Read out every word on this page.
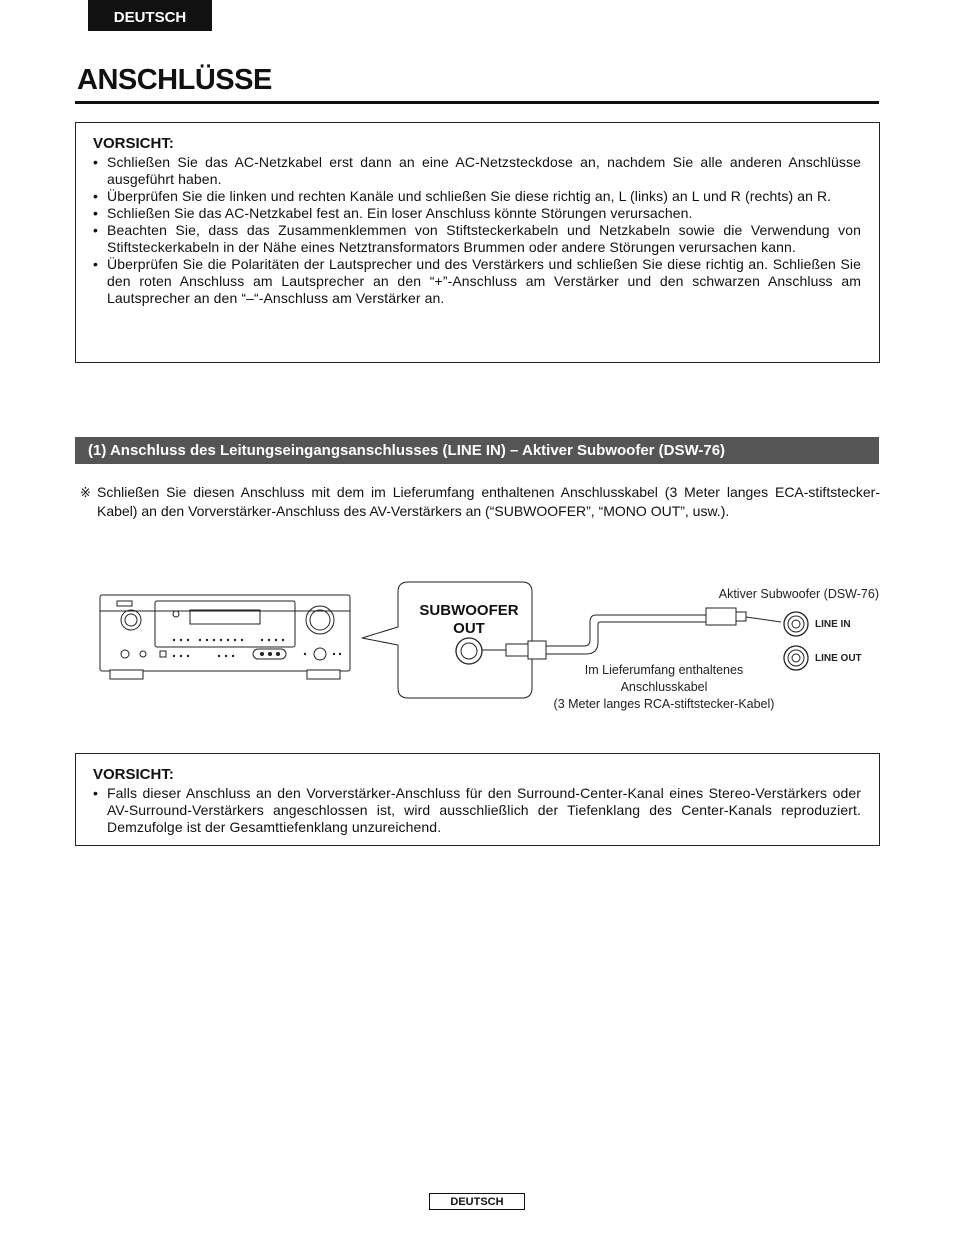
DEUTSCH
ANSCHLÜSSE
VORSICHT:
• Schließen Sie das AC-Netzkabel erst dann an eine AC-Netzsteckdose an, nachdem Sie alle anderen Anschlüsse ausgeführt haben.
• Überprüfen Sie die linken und rechten Kanäle und schließen Sie diese richtig an, L (links) an L und R (rechts) an R.
• Schließen Sie das AC-Netzkabel fest an. Ein loser Anschluss könnte Störungen verursachen.
• Beachten Sie, dass das Zusammenklemmen von Stiftsteckerkabeln und Netzkabeln sowie die Verwendung von Stiftsteckerkabeln in der Nähe eines Netztransformators Brummen oder andere Störungen verursachen kann.
• Überprüfen Sie die Polaritäten der Lautsprecher und des Verstärkers und schließen Sie diese richtig an. Schließen Sie den roten Anschluss am Lautsprecher an den “+”-Anschluss am Verstärker und den schwarzen Anschluss am Lautsprecher an den “–“-Anschluss am Verstärker an.
(1) Anschluss des Leitungseingangsanschlusses (LINE IN) – Aktiver Subwoofer (DSW-76)
※ Schließen Sie diesen Anschluss mit dem im Lieferumfang enthaltenen Anschlusskabel (3 Meter langes ECA-stiftstecker-Kabel) an den Vorverstärker-Anschluss des AV-Verstärkers an (“SUBWOOFER”, “MONO OUT”, usw.).
SUBWOOFER
OUT
Aktiver Subwoofer (DSW-76)
LINE IN
LINE OUT
Im Lieferumfang enthaltenes
Anschlusskabel
(3 Meter langes RCA-stiftstecker-Kabel)
VORSICHT:
• Falls dieser Anschluss an den Vorverstärker-Anschluss für den Surround-Center-Kanal eines Stereo-Verstärkers oder AV-Surround-Verstärkers angeschlossen ist, wird ausschließlich der Tiefenklang des Center-Kanals reproduziert. Demzufolge ist der Gesamttiefenklang unzureichend.
DEUTSCH
